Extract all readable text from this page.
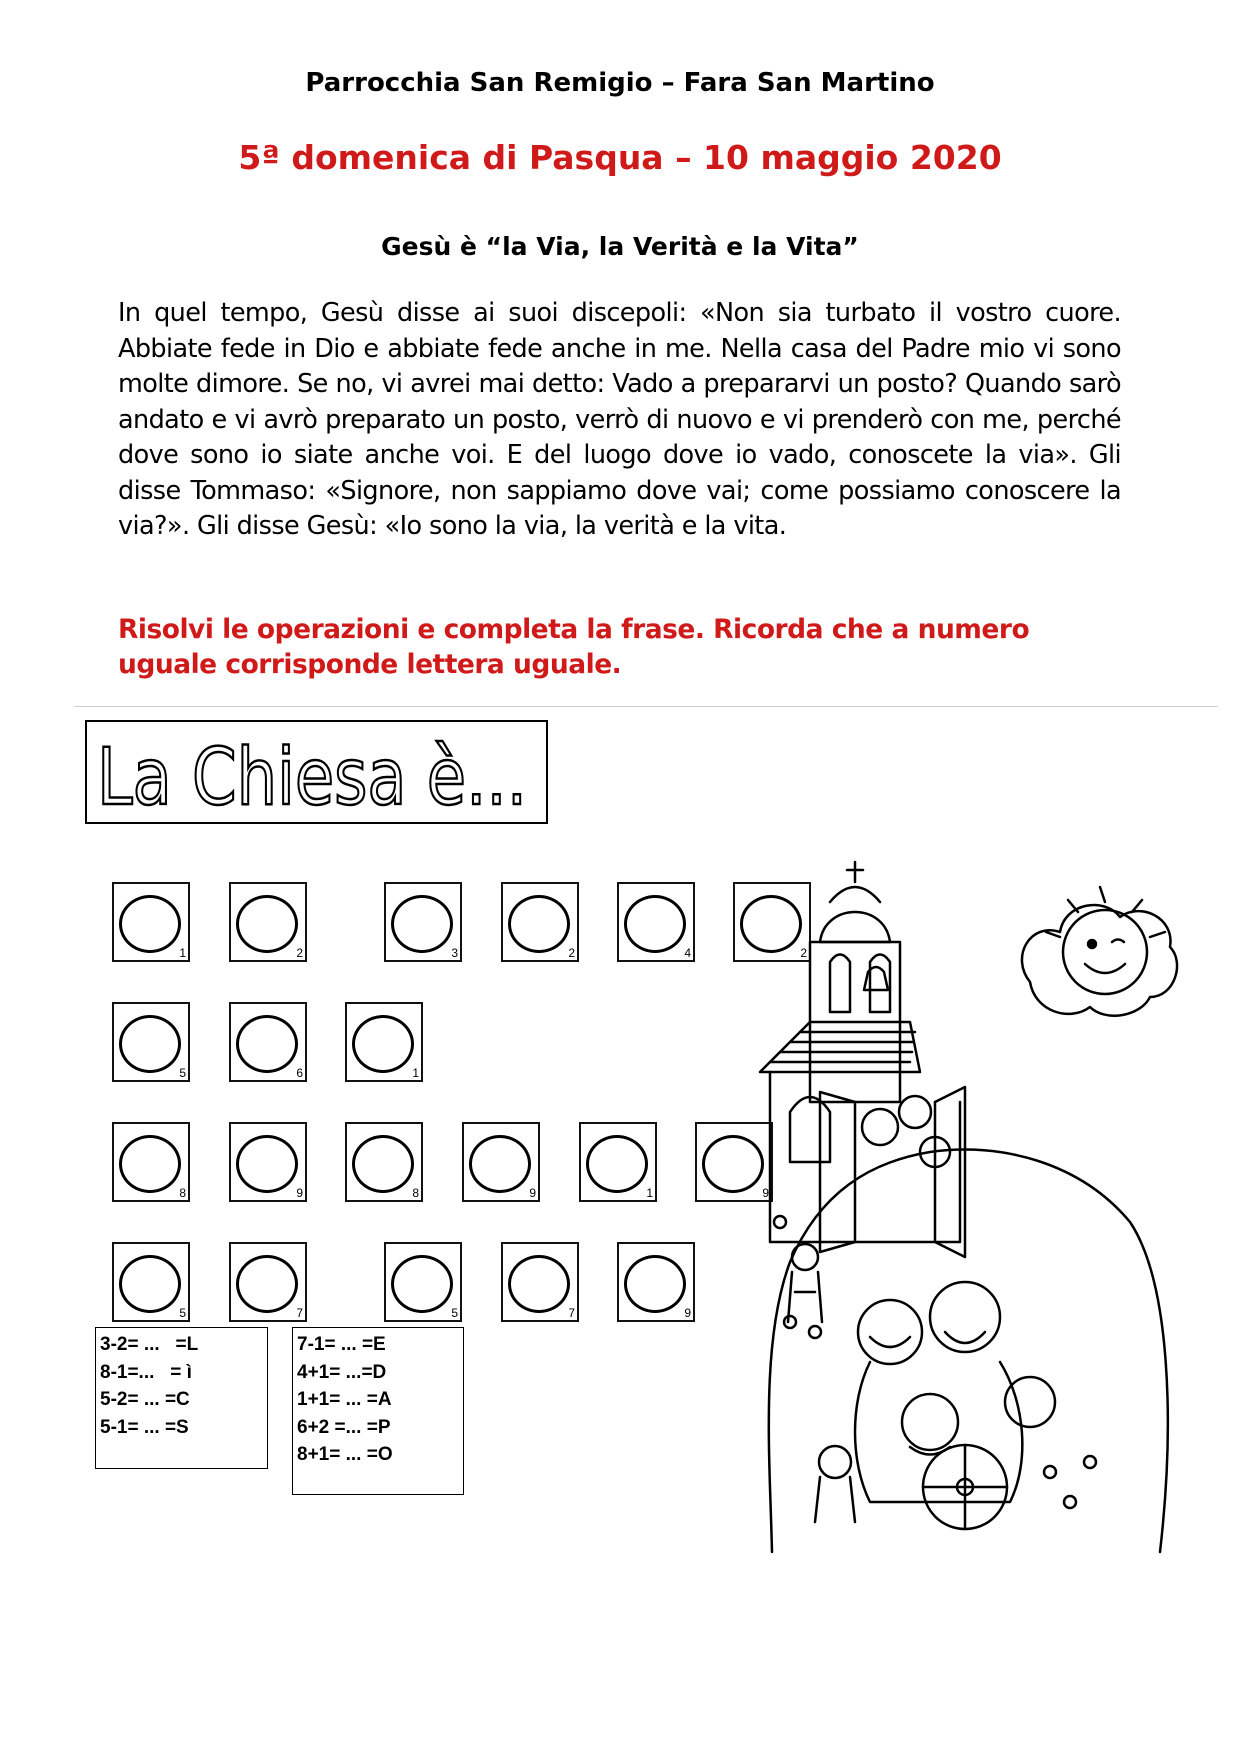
Parrocchia San Remigio – Fara San Martino
5ª domenica di Pasqua – 10 maggio 2020
Gesù è “la Via, la Verità e la Vita”
In quel tempo, Gesù disse ai suoi discepoli: «Non sia turbato il vostro cuore. Abbiate fede in Dio e abbiate fede anche in me. Nella casa del Padre mio vi sono molte dimore. Se no, vi avrei mai detto: Vado a prepararvi un posto? Quando sarò andato e vi avrò preparato un posto, verrò di nuovo e vi prenderò con me, perché dove sono io siate anche voi. E del luogo dove io vado, conoscete la via». Gli disse Tommaso: «Signore, non sappiamo dove vai; come possiamo conoscere la via?». Gli disse Gesù: «Io sono la via, la verità e la vita.
Risolvi le operazioni e completa la frase. Ricorda che a numero uguale corrisponde lettera uguale.
La Chiesa è...
1	2	3	2	4	2
5	6	1
8	9	8	9	1	9
5	7	5	7	9
3-2= ...   =L
8-1=...   = ì
5-2= ... =C
5-1= ... =S
7-1= ... =E
4+1= ...=D
1+1= ... =A
6+2 =... =P
8+1= ... =O
